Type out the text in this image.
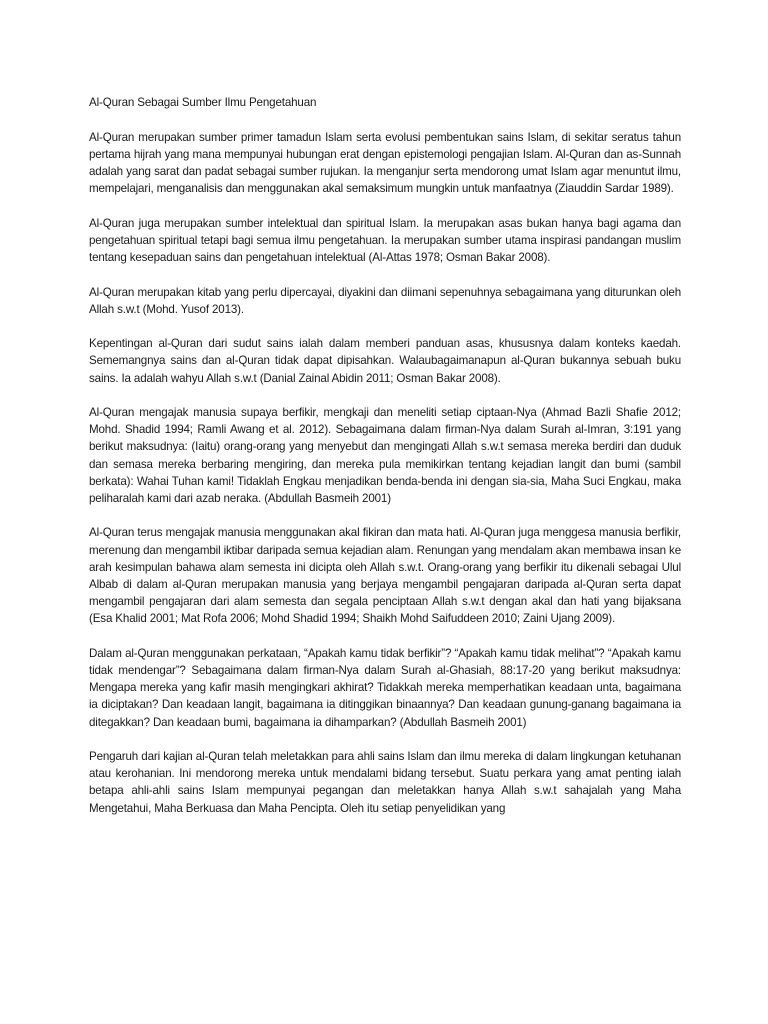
Al-Quran Sebagai Sumber Ilmu Pengetahuan

Al-Quran merupakan sumber primer tamadun Islam serta evolusi pembentukan sains Islam, di sekitar seratus tahun pertama hijrah yang mana mempunyai hubungan erat dengan epistemologi pengajian Islam. Al-Quran dan as-Sunnah adalah yang sarat dan padat sebagai sumber rujukan. Ia menganjur serta mendorong umat Islam agar menuntut ilmu, mempelajari, menganalisis dan menggunakan akal semaksimum mungkin untuk manfaatnya (Ziauddin Sardar 1989).

Al-Quran juga merupakan sumber intelektual dan spiritual Islam. Ia merupakan asas bukan hanya bagi agama dan pengetahuan spiritual tetapi bagi semua ilmu pengetahuan. Ia merupakan sumber utama inspirasi pandangan muslim tentang kesepaduan sains dan pengetahuan intelektual (Al-Attas 1978; Osman Bakar 2008).

Al-Quran merupakan kitab yang perlu dipercayai, diyakini dan diimani sepenuhnya sebagaimana yang diturunkan oleh Allah s.w.t (Mohd. Yusof 2013).

Kepentingan al-Quran dari sudut sains ialah dalam memberi panduan asas, khususnya dalam konteks kaedah. Sememangnya sains dan al-Quran tidak dapat dipisahkan. Walaubagaimanapun al-Quran bukannya sebuah buku sains. Ia adalah wahyu Allah s.w.t (Danial Zainal Abidin 2011; Osman Bakar 2008).

Al-Quran mengajak manusia supaya berfikir, mengkaji dan meneliti setiap ciptaan-Nya (Ahmad Bazli Shafie 2012; Mohd. Shadid 1994; Ramli Awang et al. 2012). Sebagaimana dalam firman-Nya dalam Surah al-Imran, 3:191 yang berikut maksudnya: (Iaitu) orang-orang yang menyebut dan mengingati Allah s.w.t semasa mereka berdiri dan duduk dan semasa mereka berbaring mengiring, dan mereka pula memikirkan tentang kejadian langit dan bumi (sambil berkata): Wahai Tuhan kami! Tidaklah Engkau menjadikan benda-benda ini dengan sia-sia, Maha Suci Engkau, maka peliharalah kami dari azab neraka. (Abdullah Basmeih 2001)

Al-Quran terus mengajak manusia menggunakan akal fikiran dan mata hati. Al-Quran juga menggesa manusia berfikir, merenung dan mengambil iktibar daripada semua kejadian alam. Renungan yang mendalam akan membawa insan ke arah kesimpulan bahawa alam semesta ini dicipta oleh Allah s.w.t. Orang-orang yang berfikir itu dikenali sebagai Ulul Albab di dalam al-Quran merupakan manusia yang berjaya mengambil pengajaran daripada al-Quran serta dapat mengambil pengajaran dari alam semesta dan segala penciptaan Allah s.w.t dengan akal dan hati yang bijaksana (Esa Khalid 2001; Mat Rofa 2006; Mohd Shadid 1994; Shaikh Mohd Saifuddeen 2010; Zaini Ujang 2009).

Dalam al-Quran menggunakan perkataan, “Apakah kamu tidak berfikir”? “Apakah kamu tidak melihat”? “Apakah kamu tidak mendengar”? Sebagaimana dalam firman-Nya dalam Surah al-Ghasiah, 88:17-20 yang berikut maksudnya: Mengapa mereka yang kafir masih mengingkari akhirat? Tidakkah mereka memperhatikan keadaan unta, bagaimana ia diciptakan? Dan keadaan langit, bagaimana ia ditinggikan binaannya? Dan keadaan gunung-ganang bagaimana ia ditegakkan? Dan keadaan bumi, bagaimana ia dihamparkan? (Abdullah Basmeih 2001)

Pengaruh dari kajian al-Quran telah meletakkan para ahli sains Islam dan ilmu mereka di dalam lingkungan ketuhanan atau kerohanian. Ini mendorong mereka untuk mendalami bidang tersebut. Suatu perkara yang amat penting ialah betapa ahli-ahli sains Islam mempunyai pegangan dan meletakkan hanya Allah s.w.t sahajalah yang Maha Mengetahui, Maha Berkuasa dan Maha Pencipta. Oleh itu setiap penyelidikan yang
